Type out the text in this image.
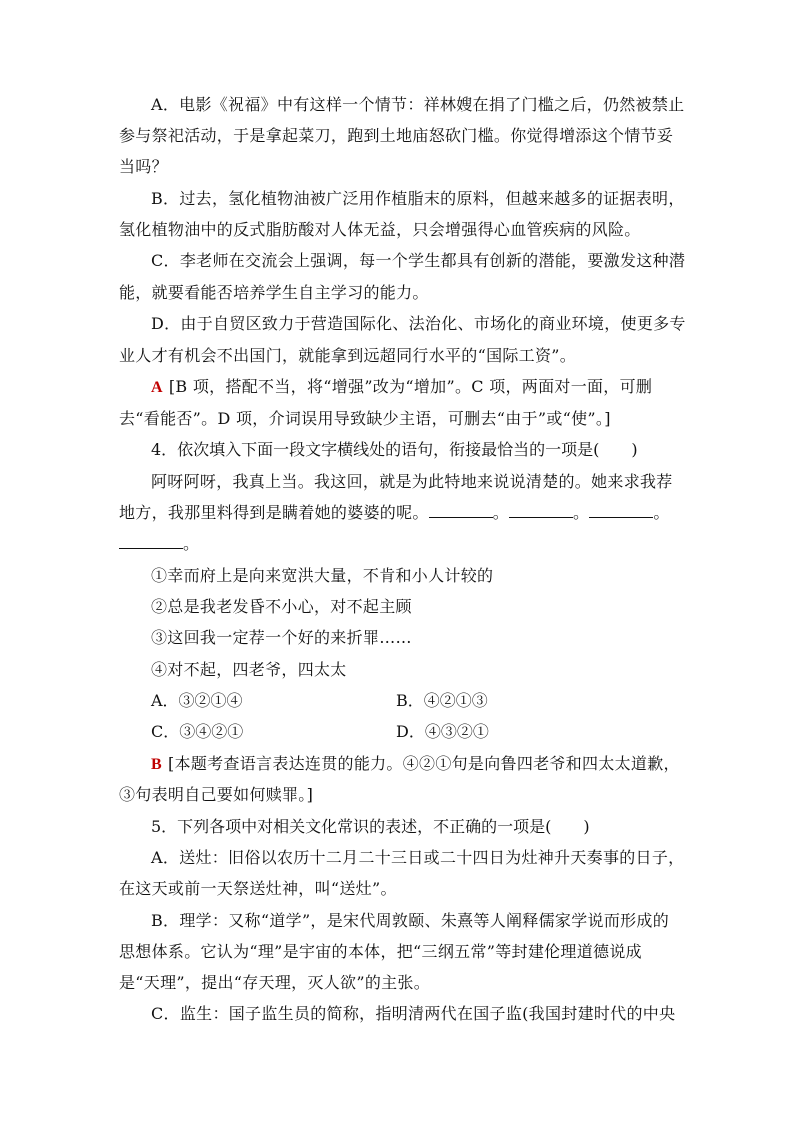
A．电影《祝福》中有这样一个情节：祥林嫂在捐了门槛之后，仍然被禁止
参与祭祀活动，于是拿起菜刀，跑到土地庙怒砍门槛。你觉得增添这个情节妥
当吗？
B．过去，氢化植物油被广泛用作植脂末的原料，但越来越多的证据表明，
氢化植物油中的反式脂肪酸对人体无益，只会增强得心血管疾病的风险。
C．李老师在交流会上强调，每一个学生都具有创新的潜能，要激发这种潜
能，就要看能否培养学生自主学习的能力。
D．由于自贸区致力于营造国际化、法治化、市场化的商业环境，使更多专
业人才有机会不出国门，就能拿到远超同行水平的“国际工资”。
A [B 项，搭配不当，将“增强”改为“增加”。C 项，两面对一面，可删
去“看能否”。D 项，介词误用导致缺少主语，可删去“由于”或“使”。]
4．依次填入下面一段文字横线处的语句，衔接最恰当的一项是(　　)
阿呀阿呀，我真上当。我这回，就是为此特地来说说清楚的。她来求我荐
地方，我那里料得到是瞒着她的婆婆的呢。	。	。	。
。
①幸而府上是向来宽洪大量，不肯和小人计较的
②总是我老发昏不小心，对不起主顾
③这回我一定荐一个好的来折罪……
④对不起，四老爷，四太太
A．③②①④	B．④②①③
C．③④②①	D．④③②①
B [本题考查语言表达连贯的能力。④②①句是向鲁四老爷和四太太道歉，
③句表明自己要如何赎罪。]
5．下列各项中对相关文化常识的表述，不正确的一项是(　　)
A．送灶：旧俗以农历十二月二十三日或二十四日为灶神升天奏事的日子，
在这天或前一天祭送灶神，叫“送灶”。
B．理学：又称“道学”，是宋代周敦颐、朱熹等人阐释儒家学说而形成的
思想体系。它认为“理”是宇宙的本体，把“三纲五常”等封建伦理道德说成
是“天理”，提出“存天理，灭人欲”的主张。
C．监生：国子监生员的简称，指明清两代在国子监(我国封建时代的中央
